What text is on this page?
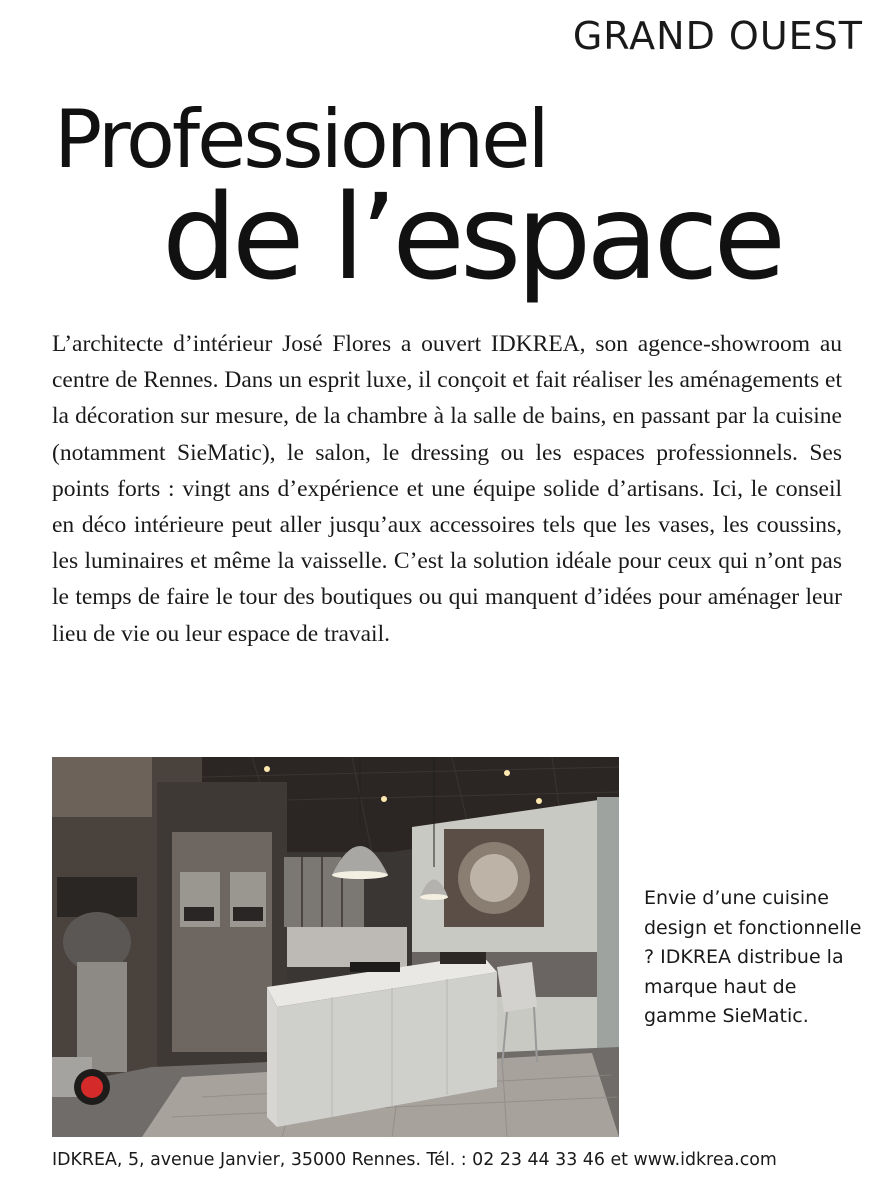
GRAND OUEST
Professionnel
de l’espace

L’architecte d’intérieur José Flores a ouvert IDKREA, son agence-showroom au centre de Rennes. Dans un esprit luxe, il conçoit et fait réaliser les aménagements et la décoration sur mesure, de la chambre à la salle de bains, en passant par la cuisine (notamment SieMatic), le salon, le dressing ou les espaces professionnels. Ses points forts : vingt ans d’expérience et une équipe solide d’artisans. Ici, le conseil en déco intérieure peut aller jusqu’aux accessoires tels que les vases, les coussins, les luminaires et même la vaisselle. C’est la solution idéale pour ceux qui n’ont pas le temps de faire le tour des boutiques ou qui manquent d’idées pour aménager leur lieu de vie ou leur espace de travail.

Envie d’une cuisine design et fonctionnelle ? IDKREA distribue la marque haut de gamme SieMatic.

IDKREA, 5, avenue Janvier, 35000 Rennes. Tél. : 02 23 44 33 46 et www.idkrea.com
